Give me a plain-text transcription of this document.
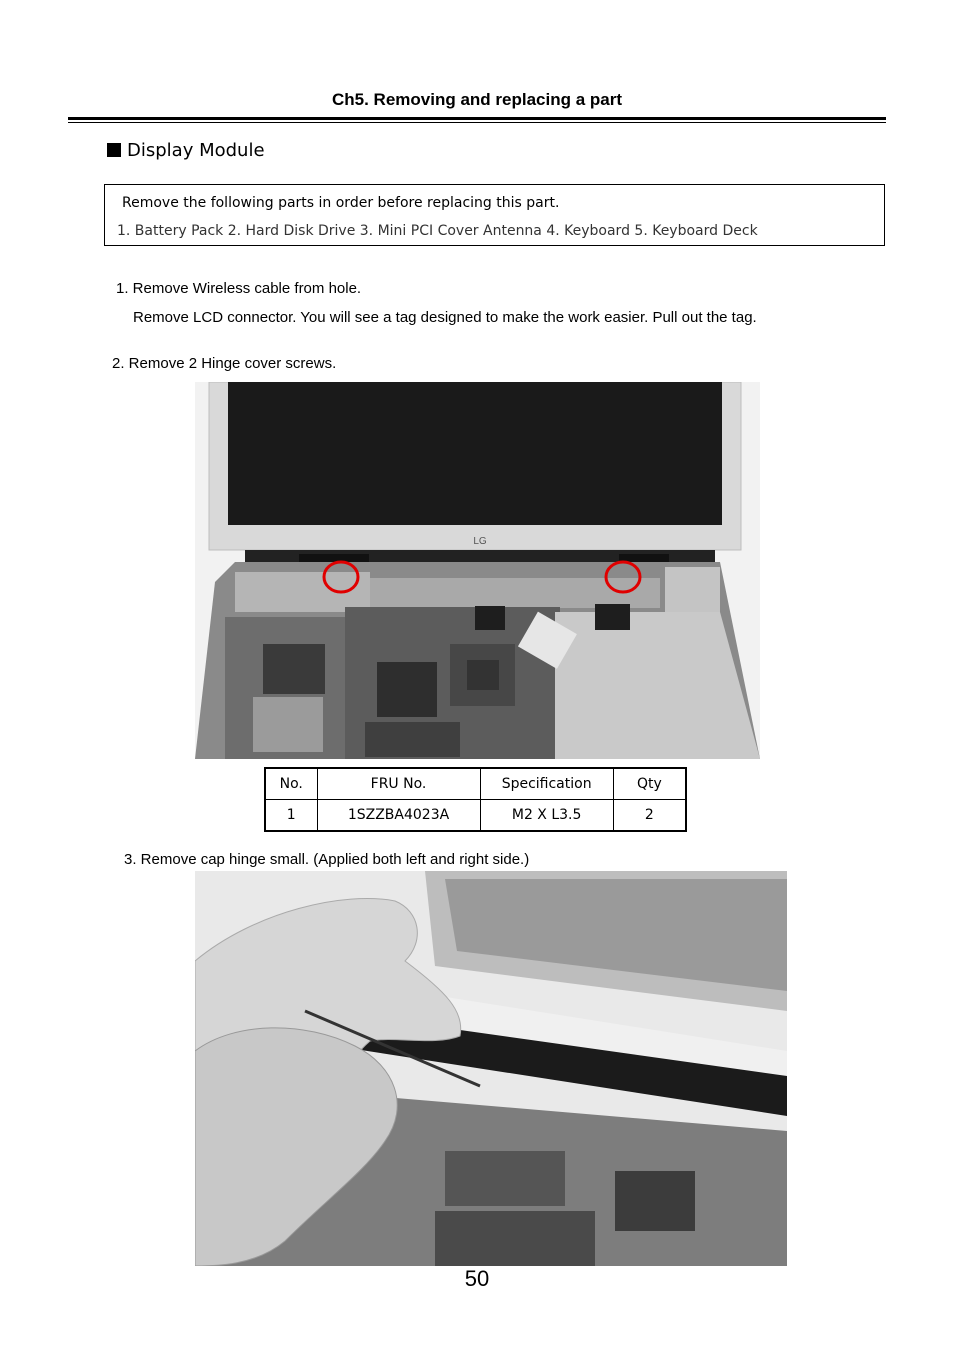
Ch5. Removing and replacing a part
Display Module
Remove the following parts in order before replacing this part.
1. Battery Pack 2. Hard Disk Drive 3. Mini PCI Cover Antenna 4. Keyboard 5. Keyboard Deck
1. Remove Wireless cable from hole.
Remove LCD connector. You will see a tag designed to make the work easier. Pull out the tag.
2. Remove 2 Hinge cover screws.
LG
No.	FRU No.	Specification	Qty
1	1SZZBA4023A	M2 X L3.5	2
3. Remove cap hinge small. (Applied both left and right side.)
50
